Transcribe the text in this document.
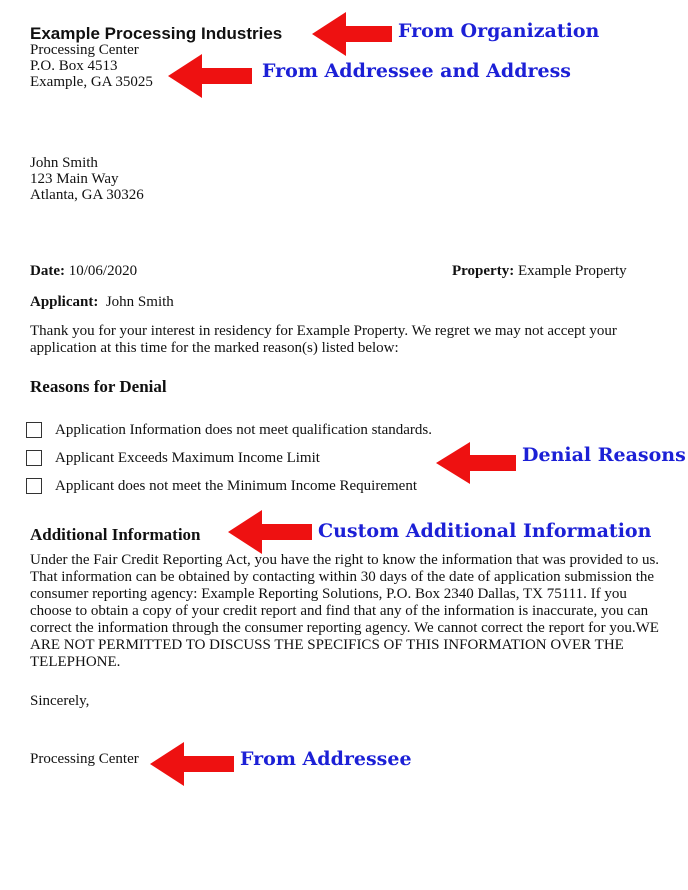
Example Processing Industries
Processing Center
P.O. Box 4513
Example, GA 35025
John Smith
123 Main Way
Atlanta, GA 30326
Date: 10/06/2020	Property: Example Property
Applicant: John Smith
Thank you for your interest in residency for Example Property. We regret we may not accept your application at this time for the marked reason(s) listed below:
Reasons for Denial
Application Information does not meet qualification standards.
Applicant Exceeds Maximum Income Limit
Applicant does not meet the Minimum Income Requirement
Additional Information
Under the Fair Credit Reporting Act, you have the right to know the information that was provided to us. That information can be obtained by contacting within 30 days of the date of application submission the consumer reporting agency: Example Reporting Solutions, P.O. Box 2340 Dallas, TX 75111. If you choose to obtain a copy of your credit report and find that any of the information is inaccurate, you can correct the information through the consumer reporting agency. We cannot correct the report for you.WE ARE NOT PERMITTED TO DISCUSS THE SPECIFICS OF THIS INFORMATION OVER THE TELEPHONE.
Sincerely,
Processing Center
From Organization
From Addressee and Address
Denial Reasons
Custom Additional Information
From Addressee
